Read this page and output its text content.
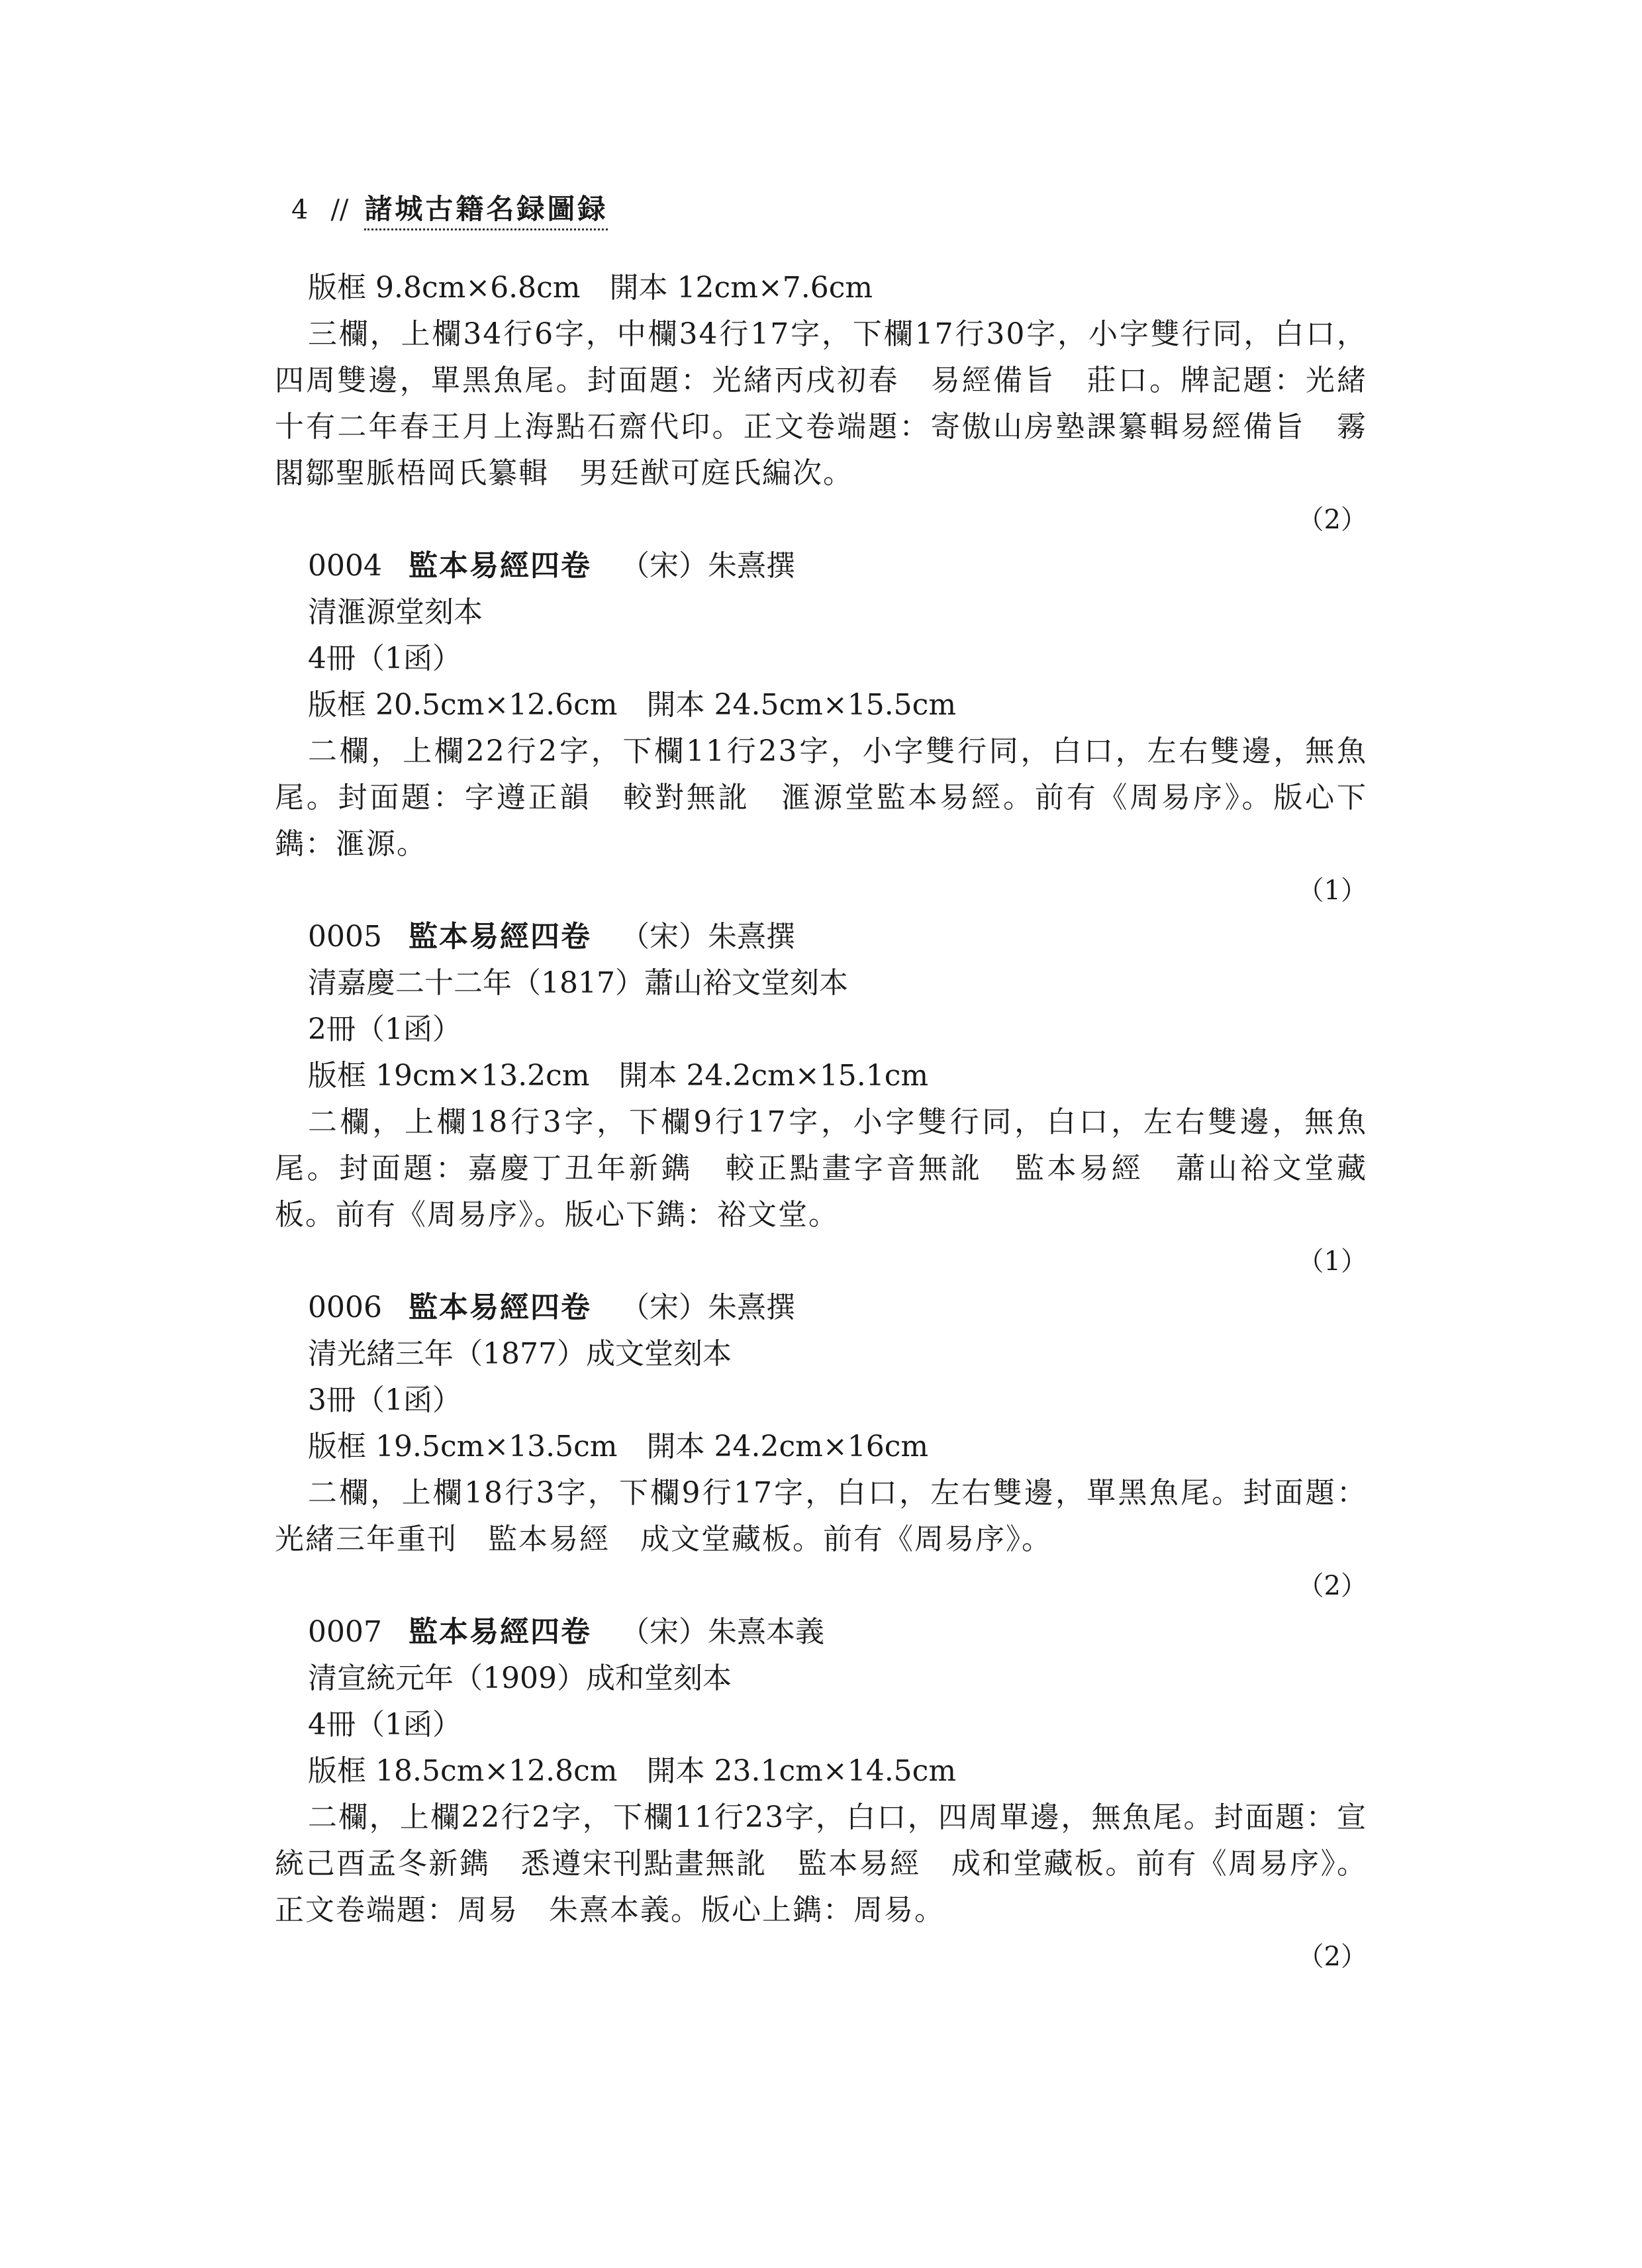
4 // 諸城古籍名録圖録
版框 9.8cm×6.8cm　開本 12cm×7.6cm
三欄，上欄34行6字，中欄34行17字，下欄17行30字，小字雙行同，白口，四周雙邊，單黑魚尾。封面題：光緒丙戌初春　易經備旨　莊口。牌記題：光緒十有二年春王月上海點石齋代印。正文卷端題：寄傲山房塾課纂輯易經備旨　霧閣鄒聖脈梧岡氏纂輯　男廷猷可庭氏編次。
（2）
0004 監本易經四卷 （宋）朱熹撰
清滙源堂刻本
4冊（1函）
版框 20.5cm×12.6cm　開本 24.5cm×15.5cm
二欄，上欄22行2字，下欄11行23字，小字雙行同，白口，左右雙邊，無魚尾。封面題：字遵正韻　較對無訛　滙源堂監本易經。前有《周易序》。版心下鐫：滙源。
（1）
0005 監本易經四卷 （宋）朱熹撰
清嘉慶二十二年（1817）蕭山裕文堂刻本
2冊（1函）
版框 19cm×13.2cm　開本 24.2cm×15.1cm
二欄，上欄18行3字，下欄9行17字，小字雙行同，白口，左右雙邊，無魚尾。封面題：嘉慶丁丑年新鐫　較正點畫字音無訛　監本易經　蕭山裕文堂藏板。前有《周易序》。版心下鐫：裕文堂。
（1）
0006 監本易經四卷 （宋）朱熹撰
清光緒三年（1877）成文堂刻本
3冊（1函）
版框 19.5cm×13.5cm　開本 24.2cm×16cm
二欄，上欄18行3字，下欄9行17字，白口，左右雙邊，單黑魚尾。封面題：光緒三年重刊　監本易經　成文堂藏板。前有《周易序》。
（2）
0007 監本易經四卷 （宋）朱熹本義
清宣統元年（1909）成和堂刻本
4冊（1函）
版框 18.5cm×12.8cm　開本 23.1cm×14.5cm
二欄，上欄22行2字，下欄11行23字，白口，四周單邊，無魚尾。封面題：宣統己酉孟冬新鐫　悉遵宋刊點畫無訛　監本易經　成和堂藏板。前有《周易序》。正文卷端題：周易　朱熹本義。版心上鐫：周易。
（2）
